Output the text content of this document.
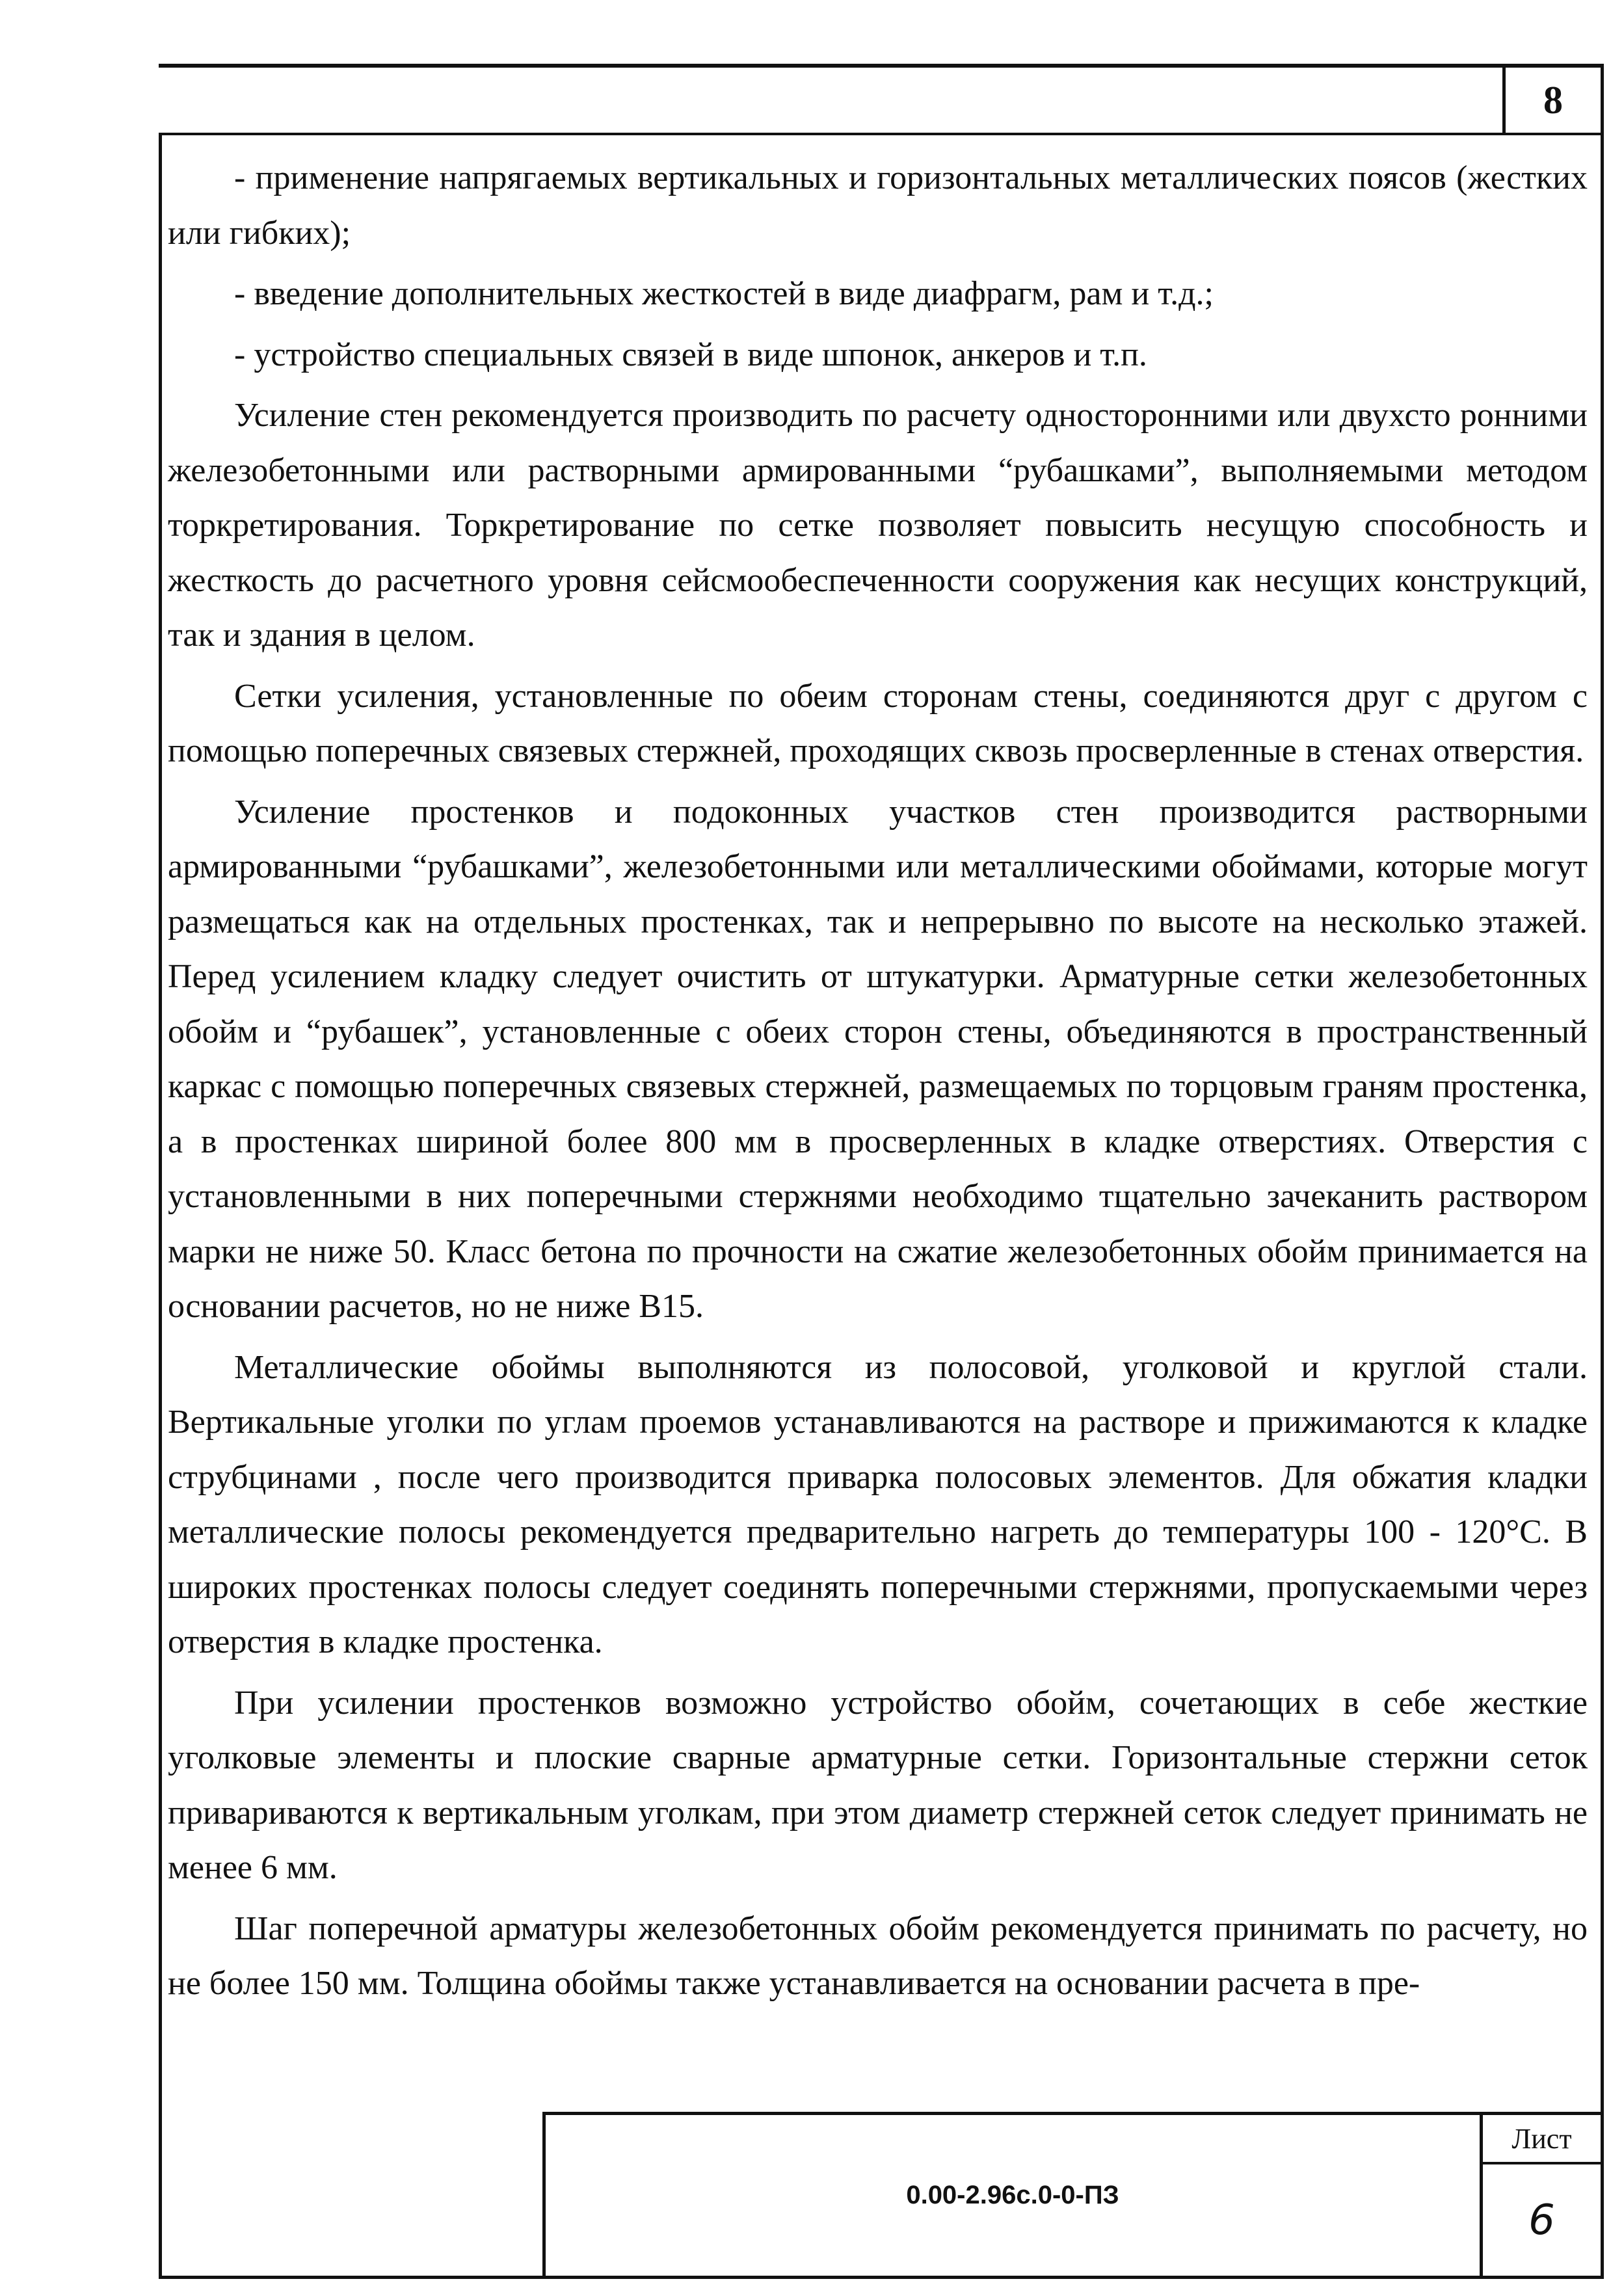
8

- применение напрягаемых вертикальных и горизонтальных металлических поясов (жестких или гибких);

- введение дополнительных жесткостей в виде диафрагм, рам и т.д.;

- устройство специальных связей в виде шпонок, анкеров и т.п.

Усиление стен рекомендуется производить по расчету односторонними или двухсто ронними железобетонными или растворными армированными “рубашками”, выполняемыми методом торкретирования. Торкретирование по сетке позволяет повысить несущую способность и жесткость до расчетного уровня сейсмообеспеченности сооружения как несущих конструкций, так и здания в целом.

Сетки усиления, установленные по обеим сторонам стены, соединяются друг с другом с помощью поперечных связевых стержней, проходящих сквозь просверленные в стенах отверстия.

Усиление простенков и подоконных участков стен производится растворными армированными “рубашками”, железобетонными или металлическими обоймами, которые могут размещаться как на отдельных простенках, так и непрерывно по высоте на несколько этажей. Перед усилением кладку следует очистить от штукатурки. Арматурные сетки железобетонных обойм и “рубашек”, установленные с обеих сторон стены, объединяются в пространственный каркас с помощью поперечных связевых стержней, размещаемых по торцовым граням простенка, а в простенках шириной более 800 мм в просверленных в кладке отверстиях. Отверстия с установленными в них поперечными стержнями необходимо тщательно зачеканить раствором марки не ниже 50. Класс бетона по прочности на сжатие железобетонных обойм принимается на основании расчетов, но не ниже В15.

Металлические обоймы выполняются из полосовой, уголковой и круглой стали. Вертикальные уголки по углам проемов устанавливаются на растворе и прижимаются к кладке струбцинами , после чего производится приварка полосовых элементов. Для обжатия кладки металлические полосы рекомендуется предварительно нагреть до температуры 100 - 120°С. В широких простенках полосы следует соединять поперечными стержнями, пропускаемыми через отверстия в кладке простенка.

При усилении простенков возможно устройство обойм, сочетающих в себе жесткие уголковые элементы и плоские сварные арматурные сетки. Горизонтальные стержни сеток привариваются к вертикальным уголкам, при этом диаметр стержней сеток следует принимать не менее 6 мм.

Шаг поперечной арматуры железобетонных обойм рекомендуется принимать по расчету, но не более 150 мм. Толщина обоймы также устанавливается на основании расчета в пре-

0.00-2.96с.0-0-ПЗ
Лист
6
